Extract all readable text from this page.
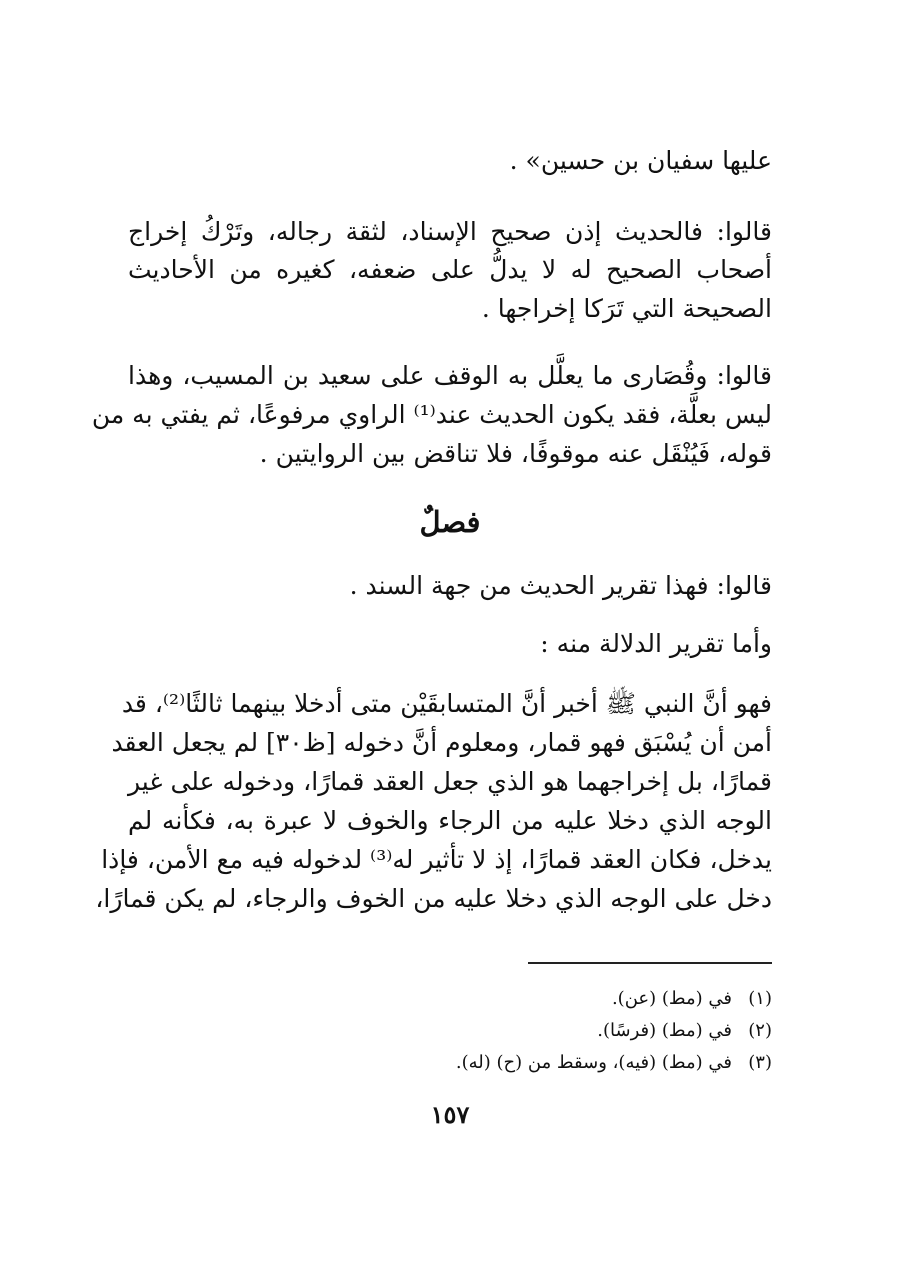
عليها سفيان بن حسين» .
قالوا: فالحديث إذن صحيح الإسناد، لثقة رجاله، وتَرْكُ إخراج
أصحاب الصحيح له لا يدلُّ على ضعفه، كغيره من الأحاديث
الصحيحة التي تَرَكا إخراجها .
قالوا: وقُصَارى ما يعلَّل به الوقف على سعيد بن المسيب، وهذا
ليس بعلَّة، فقد يكون الحديث عند⁽¹⁾ الراوي مرفوعًا، ثم يفتي به من
قوله، فَيُنْقَل عنه موقوفًا، فلا تناقض بين الروايتين .
فصلٌ
قالوا: فهذا تقرير الحديث من جهة السند .
وأما تقرير الدلالة منه :
فهو أنَّ النبي ﷺ أخبر أنَّ المتسابقَيْن متى أدخلا بينهما ثالثًا⁽²⁾، قد
أمن أن يُسْبَق فهو قمار، ومعلوم أنَّ دخوله [ظ٣٠] لم يجعل العقد
قمارًا، بل إخراجهما هو الذي جعل العقد قمارًا، ودخوله على غير
الوجه الذي دخلا عليه من الرجاء والخوف لا عبرة به، فكأنه لم
يدخل، فكان العقد قمارًا، إذ لا تأثير له⁽³⁾ لدخوله فيه مع الأمن، فإذا
دخل على الوجه الذي دخلا عليه من الخوف والرجاء، لم يكن قمارًا،
(١)في (مط) (عن).
(٢)في (مط) (فرسًا).
(٣)في (مط) (فيه)، وسقط من (ح) (له).
١٥٧
